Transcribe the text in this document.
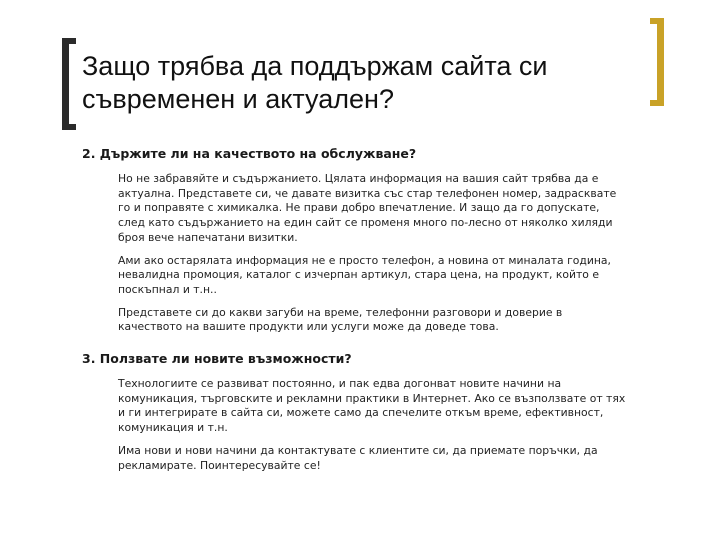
Защо трябва да поддържам сайта си
съвременен и актуален?
2. Държите ли на качеството на обслужване?

Но не забравяйте и съдържанието. Цялата информация на вашия сайт трябва да е
актуална. Представете си, че давате визитка със стар телефонен номер, задрасквате
го и поправяте с химикалка. Не прави добро впечатление. И защо да го допускате,
след като съдържанието на един сайт се променя много по-лесно от няколко хиляди
броя вече напечатани визитки.

Ами ако остарялата информация не е просто телефон, а новина от миналата година,
невалидна промоция, каталог с изчерпан артикул, стара цена, на продукт, който е
поскъпнал и т.н..

Представете си до какви загуби на време, телефонни разговори и доверие в
качеството на вашите продукти или услуги може да доведе това.

3. Ползвате ли новите възможности?

Технологиите се развиват постоянно, и пак едва догонват новите начини на
комуникация, търговските и рекламни практики в Интернет. Ако се възползвате от тях
и ги интегрирате в сайта си, можете само да спечелите откъм време, ефективност,
комуникация и т.н.

Има нови и нови начини да контактувате с клиентите си, да приемате поръчки, да
рекламирате. Поинтересувайте се!
